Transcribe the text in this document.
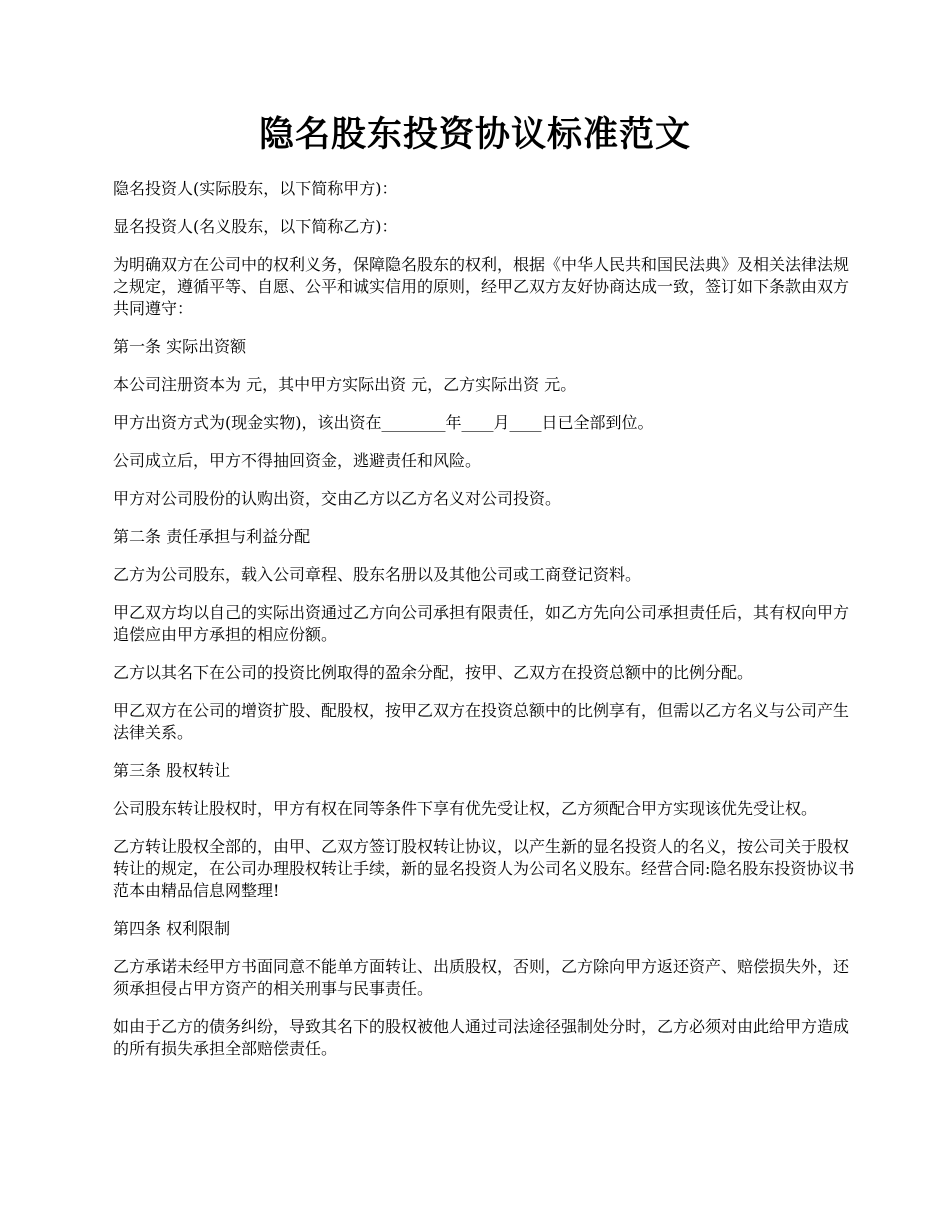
隐名股东投资协议标准范文

隐名投资人(实际股东，以下简称甲方)：

显名投资人(名义股东，以下简称乙方)：

为明确双方在公司中的权利义务，保障隐名股东的权利，根据《中华人民共和国民法典》及相关法律法规之规定，遵循平等、自愿、公平和诚实信用的原则，经甲乙双方友好协商达成一致，签订如下条款由双方共同遵守：

第一条 实际出资额

本公司注册资本为 元，其中甲方实际出资 元，乙方实际出资 元。

甲方出资方式为(现金实物)，该出资在________年____月____日已全部到位。

公司成立后，甲方不得抽回资金，逃避责任和风险。

甲方对公司股份的认购出资，交由乙方以乙方名义对公司投资。

第二条 责任承担与利益分配

乙方为公司股东，载入公司章程、股东名册以及其他公司或工商登记资料。

甲乙双方均以自己的实际出资通过乙方向公司承担有限责任，如乙方先向公司承担责任后，其有权向甲方追偿应由甲方承担的相应份额。

乙方以其名下在公司的投资比例取得的盈余分配，按甲、乙双方在投资总额中的比例分配。

甲乙双方在公司的增资扩股、配股权，按甲乙双方在投资总额中的比例享有，但需以乙方名义与公司产生法律关系。

第三条 股权转让

公司股东转让股权时，甲方有权在同等条件下享有优先受让权，乙方须配合甲方实现该优先受让权。

乙方转让股权全部的，由甲、乙双方签订股权转让协议，以产生新的显名投资人的名义，按公司关于股权转让的规定，在公司办理股权转让手续，新的显名投资人为公司名义股东。经营合同:隐名股东投资协议书范本由精品信息网整理!

第四条 权利限制

乙方承诺未经甲方书面同意不能单方面转让、出质股权，否则，乙方除向甲方返还资产、赔偿损失外，还须承担侵占甲方资产的相关刑事与民事责任。

如由于乙方的债务纠纷，导致其名下的股权被他人通过司法途径强制处分时，乙方必须对由此给甲方造成的所有损失承担全部赔偿责任。
